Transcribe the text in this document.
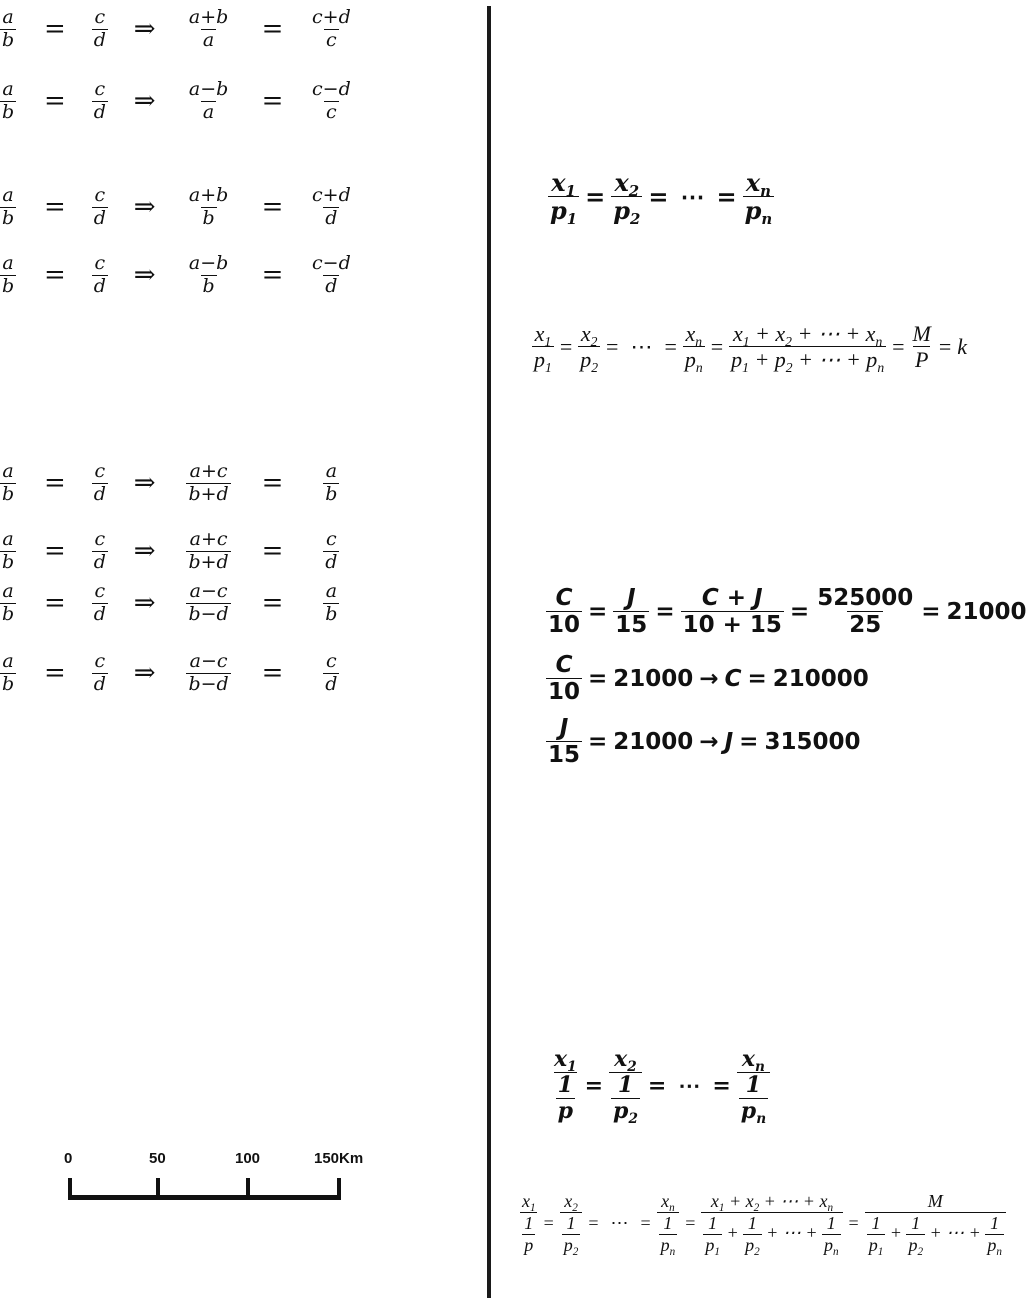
$\frac{a}{b} = \frac{c}{d}$ ⇒ $\frac{a+b}{a} = \frac{c+d}{c}$
$\frac{a}{b} = \frac{c}{d}$ ⇒ $\frac{a-b}{a} = \frac{c-d}{c}$
$\frac{a}{b} = \frac{c}{d}$ ⇒ $\frac{a+b}{b} = \frac{c+d}{d}$
$\frac{a}{b} = \frac{c}{d}$ ⇒ $\frac{a-b}{b} = \frac{c-d}{d}$
$\frac{a}{b} = \frac{c}{d}$ ⇒ $\frac{a+c}{b+d} = \frac{a}{b}$
$\frac{a}{b} = \frac{c}{d}$ ⇒ $\frac{a+c}{b+d} = \frac{c}{d}$
$\frac{a}{b} = \frac{c}{d}$ ⇒ $\frac{a-c}{b-d} = \frac{a}{b}$
$\frac{a}{b} = \frac{c}{d}$ ⇒ $\frac{a-c}{b-d} = \frac{c}{d}$
$\frac{x_1}{p_1} = \frac{x_2}{p_2}$ = ⋯ = $\frac{x_n}{p_n}$
$\frac{x_1}{p_1} = \frac{x_2}{p_2}$ = ⋯ = $\frac{x_n}{p_n} = \frac{x_1 + x_2 + \cdots + x_n}{p_1 + p_2 + \cdots + p_n} = \frac{M}{P} = k$
$\frac{C}{10} = \frac{J}{15} = \frac{C + J}{10 + 15} = \frac{525000}{25} = 21000$
$\frac{C}{10} = 21000 \to C = 210000$
$\frac{J}{15} = 21000 \to J = 315000$
$\frac{x_1}{\frac{1}{p}} = \frac{x_2}{\frac{1}{p_2}}$ = ⋯ = $\frac{x_n}{\frac{1}{p_n}}$
$\frac{x_1}{\frac{1}{p}} = \frac{x_2}{\frac{1}{p_2}}$ = ⋯ = $\frac{x_n}{\frac{1}{p_n}} = \frac{x_1 + x_2 + \cdots + x_n}{\frac{1}{p_1} + \frac{1}{p_2} + \cdots + \frac{1}{p_n}} = \frac{M}{\frac{1}{p_1} + \frac{1}{p_2} + \cdots + \frac{1}{p_n}}$
0	50	100	150Km
